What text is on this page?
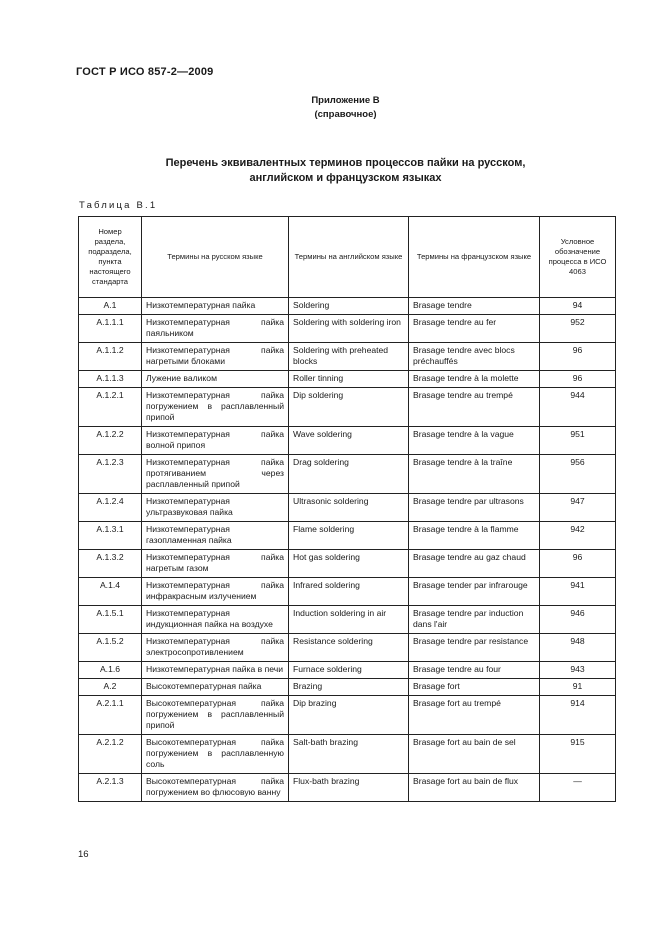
ГОСТ Р ИСО 857-2—2009
Приложение В
(справочное)
Перечень эквивалентных терминов процессов пайки на русском,
английском и французском языках
Таблица В.1
Номер раздела, подраздела, пункта настоящего стандарта	Термины на русском языке	Термины на английском языке	Термины на французском языке	Условное обозначение процесса в ИСО 4063
A.1	Низкотемпературная пайка	Soldering	Brasage tendre	94
A.1.1.1	Низкотемпературная пайка паяльником	Soldering with soldering iron	Brasage tendre au fer	952
A.1.1.2	Низкотемпературная пайка нагретыми блоками	Soldering with preheated blocks	Brasage tendre avec blocs préchauffés	96
A.1.1.3	Лужение валиком	Roller tinning	Brasage tendre à la molette	96
A.1.2.1	Низкотемпературная пайка погружением в расплавленный припой	Dip soldering	Brasage tendre au trempé	944
A.1.2.2	Низкотемпературная пайка волной припоя	Wave soldering	Brasage tendre à la vague	951
A.1.2.3	Низкотемпературная пайка протягиванием через расплавленный припой	Drag soldering	Brasage tendre à la traîne	956
A.1.2.4	Низкотемпературная ультразвуковая пайка	Ultrasonic soldering	Brasage tendre par ultrasons	947
A.1.3.1	Низкотемпературная газопламенная пайка	Flame soldering	Brasage tendre à la flamme	942
A.1.3.2	Низкотемпературная пайка нагретым газом	Hot gas soldering	Brasage tendre au gaz chaud	96
A.1.4	Низкотемпературная пайка инфракрасным излучением	Infrared soldering	Brasage tender par infrarouge	941
A.1.5.1	Низкотемпературная индукционная пайка на воздухе	Induction soldering in air	Brasage tendre par induction dans l'air	946
A.1.5.2	Низкотемпературная пайка электросопротивлением	Resistance soldering	Brasage tendre par resistance	948
A.1.6	Низкотемпературная пайка в печи	Furnace soldering	Brasage tendre au four	943
A.2	Высокотемпературная пайка	Brazing	Brasage fort	91
A.2.1.1	Высокотемпературная пайка погружением в расплавленный припой	Dip brazing	Brasage fort au trempé	914
A.2.1.2	Высокотемпературная пайка погружением в расплавленную соль	Salt-bath brazing	Brasage fort au bain de sel	915
A.2.1.3	Высокотемпературная пайка погружением во флюсовую ванну	Flux-bath brazing	Brasage fort au bain de flux	—
16
